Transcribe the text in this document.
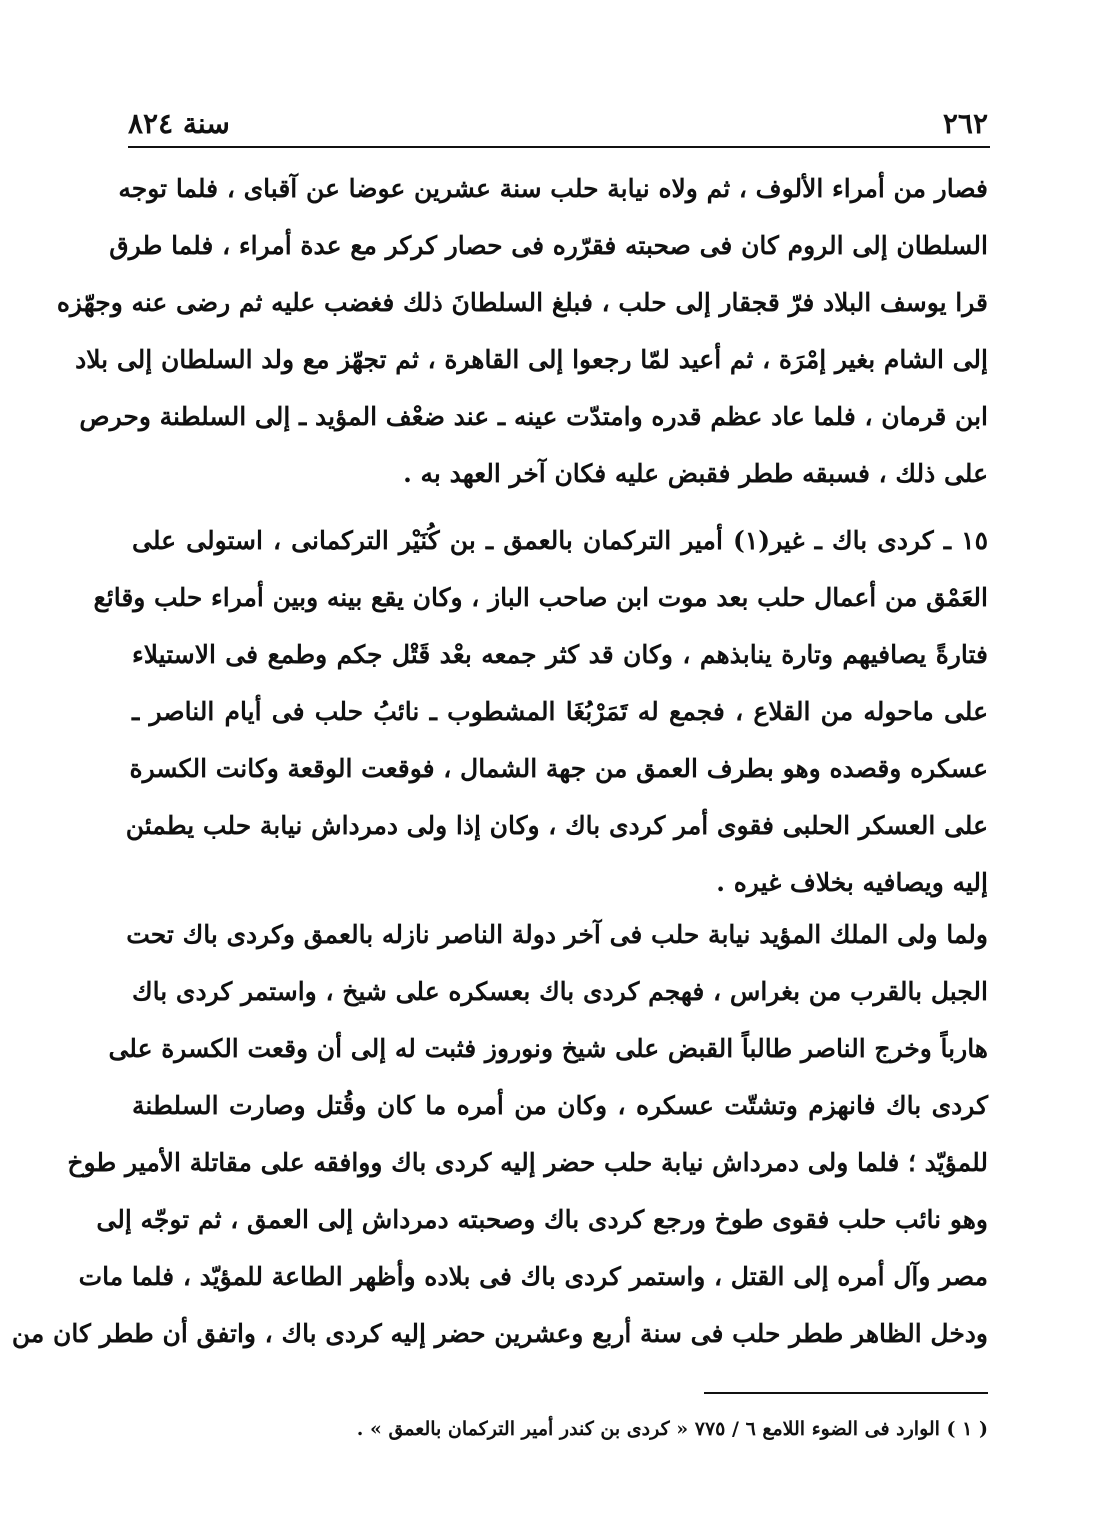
٢٦٢
سنة ٨٢٤
فصار من أمراء الألوف ، ثم ولاه نيابة حلب سنة عشرين عوضا عن آقباى ، فلما توجه
السلطان إلى الروم كان فى صحبته فقرّره فى حصار كركر مع عدة أمراء ، فلما طرق
قرا يوسف البلاد فرّ قجقار إلى حلب ، فبلغ السلطانَ ذلك فغضب عليه ثم رضى عنه وجهّزه
إلى الشام بغير إمْرَة ، ثم أعيد لمّا رجعوا إلى القاهرة ، ثم تجهّز مع ولد السلطان إلى بلاد
ابن قرمان ، فلما عاد عظم قدره وامتدّت عينه ـ عند ضعْف المؤيد ـ إلى السلطنة وحرص
على ذلك ، فسبقه ططر فقبض عليه فكان آخر العهد به .
١٥ ـ كردى باك ـ غير(١) أمير التركمان بالعمق ـ بن كُنَيْر التركمانى ، استولى على
العَمْق من أعمال حلب بعد موت ابن صاحب الباز ، وكان يقع بينه وبين أمراء حلب وقائع
فتارةً يصافيهم وتارة ينابذهم ، وكان قد كثر جمعه بعْد قَتْل جكم وطمع فى الاستيلاء
على ماحوله من القلاع ، فجمع له تَمَرْبُغَا المشطوب ـ نائبُ حلب فى أيام الناصر ـ
عسكره وقصده وهو بطرف العمق من جهة الشمال ، فوقعت الوقعة وكانت الكسرة
على العسكر الحلبى فقوى أمر كردى باك ، وكان إذا ولى دمرداش نيابة حلب يطمئن
إليه ويصافيه بخلاف غيره .
ولما ولى الملك المؤيد نيابة حلب فى آخر دولة الناصر نازله بالعمق وكردى باك تحت
الجبل بالقرب من بغراس ، فهجم كردى باك بعسكره على شيخ ، واستمر كردى باك
هارباً وخرج الناصر طالباً القبض على شيخ ونوروز فثبت له إلى أن وقعت الكسرة على
كردى باك فانهزم وتشتّت عسكره ، وكان من أمره ما كان وقُتل وصارت السلطنة
للمؤيّد ؛ فلما ولى دمرداش نيابة حلب حضر إليه كردى باك ووافقه على مقاتلة الأمير طوخ
وهو نائب حلب فقوى طوخ ورجع كردى باك وصحبته دمرداش إلى العمق ، ثم توجّه إلى
مصر وآل أمره إلى القتل ، واستمر كردى باك فى بلاده وأظهر الطاعة للمؤيّد ، فلما مات
ودخل الظاهر ططر حلب فى سنة أربع وعشرين حضر إليه كردى باك ، واتفق أن ططر كان من
( ١ ) الوارد فى الضوء اللامع ٦ / ٧٧٥ « كردى بن كندر أمير التركمان بالعمق » .
